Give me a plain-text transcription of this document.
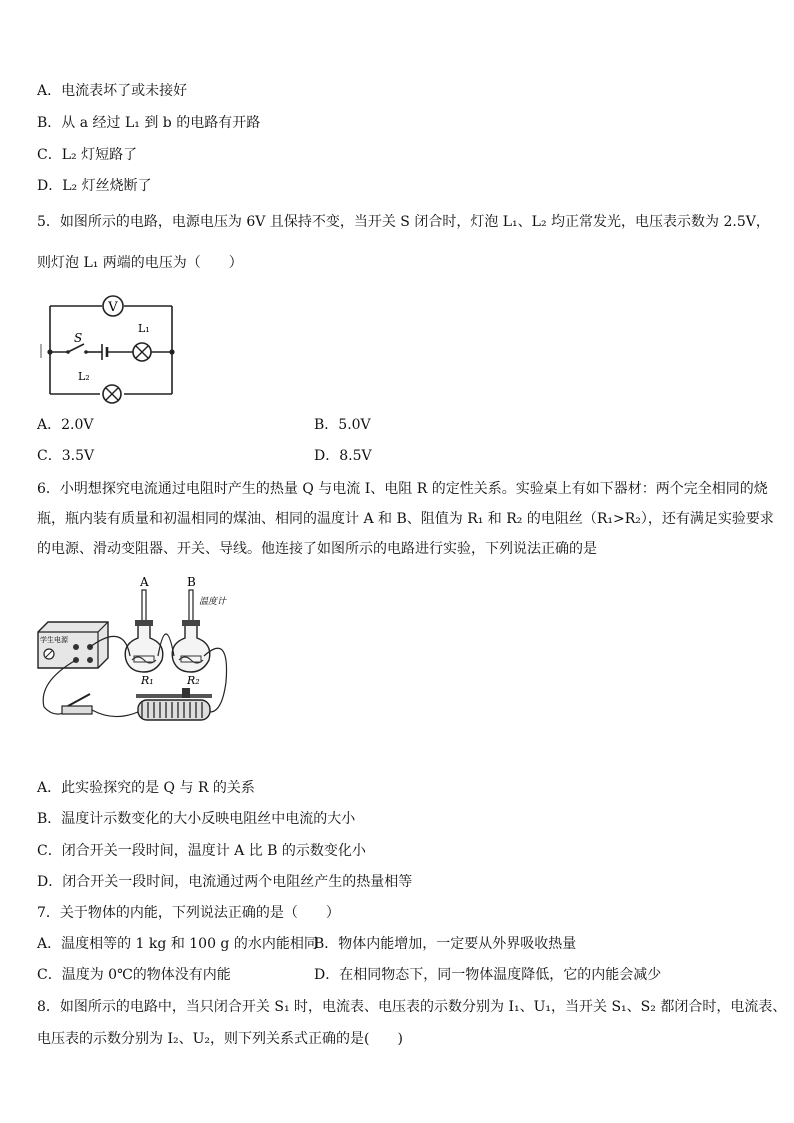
A．电流表坏了或未接好
B．从 a 经过 L₁ 到 b 的电路有开路
C．L₂ 灯短路了
D．L₂ 灯丝烧断了
5．如图所示的电路，电源电压为 6V 且保持不变，当开关 S 闭合时，灯泡 L₁、L₂ 均正常发光，电压表示数为 2.5V，
则灯泡 L₁ 两端的电压为（　　）
V
S
L₁
L₂
A．2.0V	B．5.0V
C．3.5V	D．8.5V
6．小明想探究电流通过电阻时产生的热量 Q 与电流 I、电阻 R 的定性关系。实验桌上有如下器材：两个完全相同的烧
瓶，瓶内装有质量和初温相同的煤油、相同的温度计 A 和 B、阻值为 R₁ 和 R₂ 的电阻丝（R₁>R₂），还有满足实验要求
的电源、滑动变阻器、开关、导线。他连接了如图所示的电路进行实验，下列说法正确的是
A	B
温度计
R₁	R₂
学生电源
A．此实验探究的是 Q 与 R 的关系
B．温度计示数变化的大小反映电阻丝中电流的大小
C．闭合开关一段时间，温度计 A 比 B 的示数变化小
D．闭合开关一段时间，电流通过两个电阻丝产生的热量相等
7．关于物体的内能，下列说法正确的是（　　）
A．温度相等的 1 kg 和 100 g 的水内能相同
B．物体内能增加，一定要从外界吸收热量
C．温度为 0℃的物体没有内能	D．在相同物态下，同一物体温度降低，它的内能会减少
8．如图所示的电路中，当只闭合开关 S₁ 时，电流表、电压表的示数分别为 I₁、U₁，当开关 S₁、S₂ 都闭合时，电流表、
电压表的示数分别为 I₂、U₂，则下列关系式正确的是(　　)
